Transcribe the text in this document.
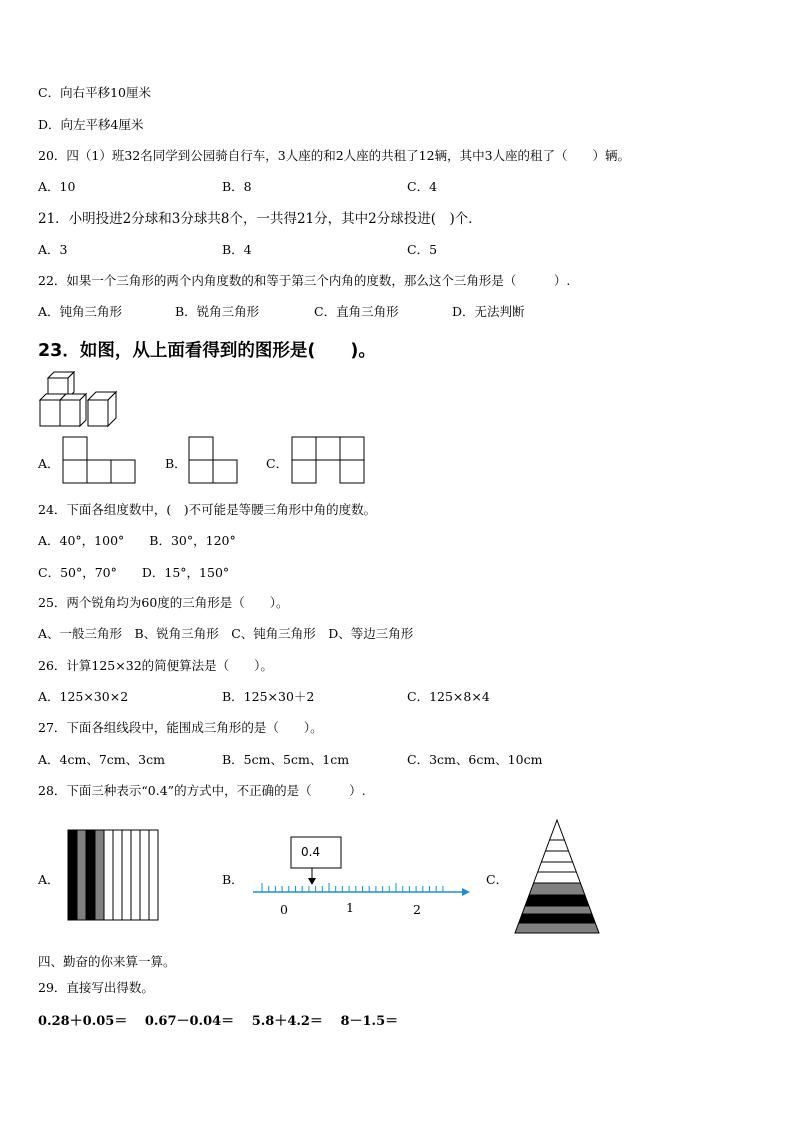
C．向右平移10厘米
D．向左平移4厘米
20．四（1）班32名同学到公园骑自行车，3人座的和2人座的共租了12辆，其中3人座的租了（　　）辆。
A．10	B．8	C．4
21．小明投进2分球和3分球共8个，一共得21分，其中2分球投进(　)个．
A．3	B．4	C．5
22．如果一个三角形的两个内角度数的和等于第三个内角的度数，那么这个三角形是（　　　）.
A．钝角三角形	B．锐角三角形	C．直角三角形	D．无法判断
23．如图，从上面看得到的图形是(　　)。
A．	B．	C．
24．下面各组度数中，(　)不可能是等腰三角形中角的度数。
A．40°，100°　　B．30°，120°
C．50°，70°　　D．15°，150°
25．两个锐角均为60度的三角形是（　　）。
A、一般三角形　B、锐角三角形　C、钝角三角形　D、等边三角形
26．计算125×32的简便算法是（　　）。
A．125×30×2	B．125×30＋2	C．125×8×4
27．下面各组线段中，能围成三角形的是（　　）。
A．4cm、7cm、3cm	B．5cm、5cm、1cm	C．3cm、6cm、10cm
28．下面三种表示“0.4”的方式中，不正确的是（　　　）.
A．	B．
0	1	2
0.4
C．
四、勤奋的你来算一算。
29．直接写出得数。
0.28＋0.05＝　 0.67－0.04＝　 5.8＋4.2＝　 8－1.5＝
